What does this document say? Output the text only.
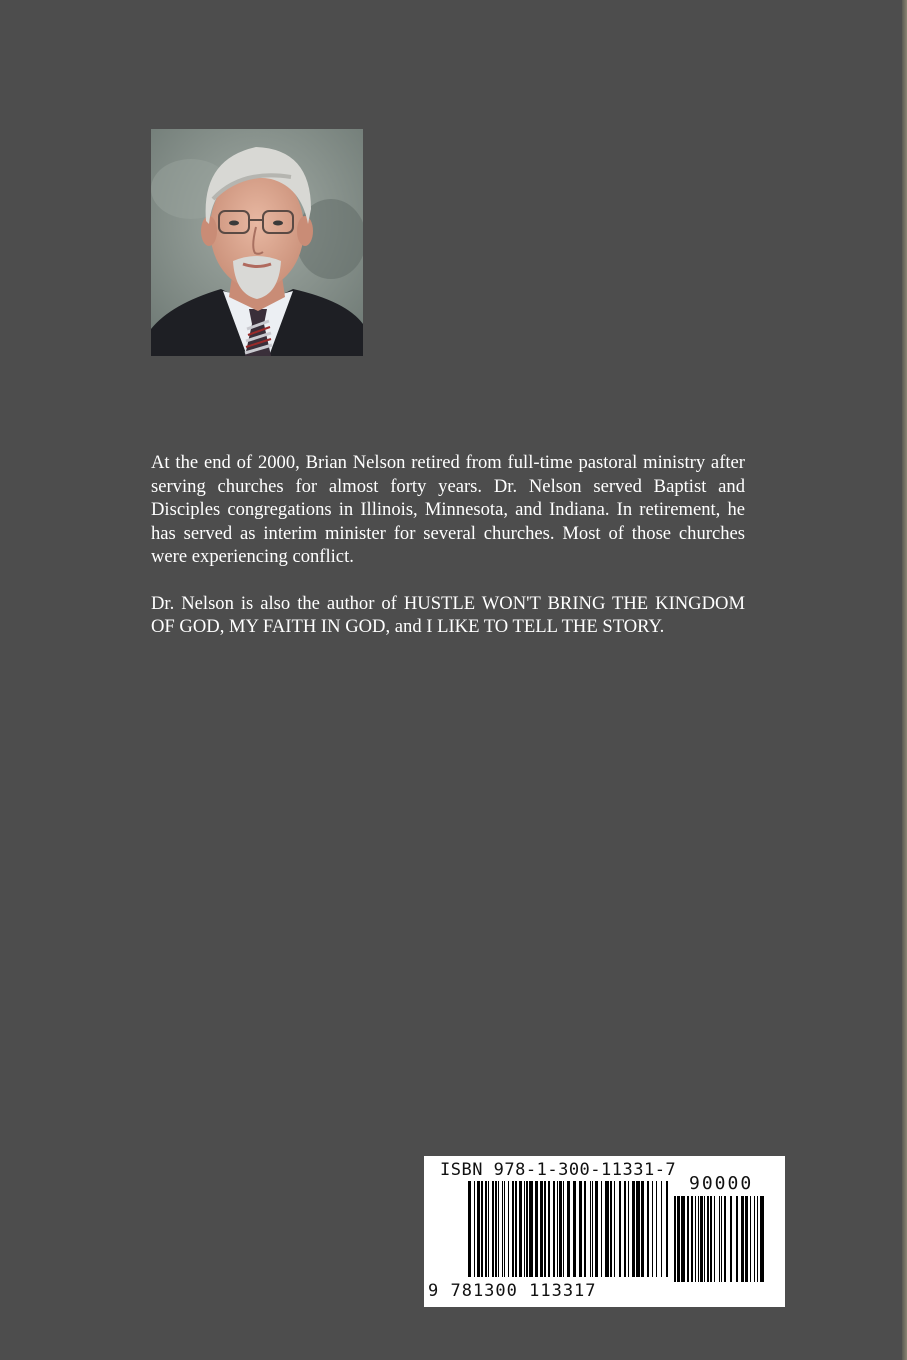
At the end of 2000, Brian Nelson retired from full-time pastoral ministry after serving churches for almost forty years. Dr. Nelson served Baptist and Disciples congregations in Illinois, Minnesota, and Indiana. In retirement, he has served as interim minister for several churches. Most of those churches were experiencing conflict.

Dr. Nelson is also the author of HUSTLE WON'T BRING THE KINGDOM OF GOD, MY FAITH IN GOD, and I LIKE TO TELL THE STORY.

ISBN 978-1-300-11331-7
90000
9 781300 113317
